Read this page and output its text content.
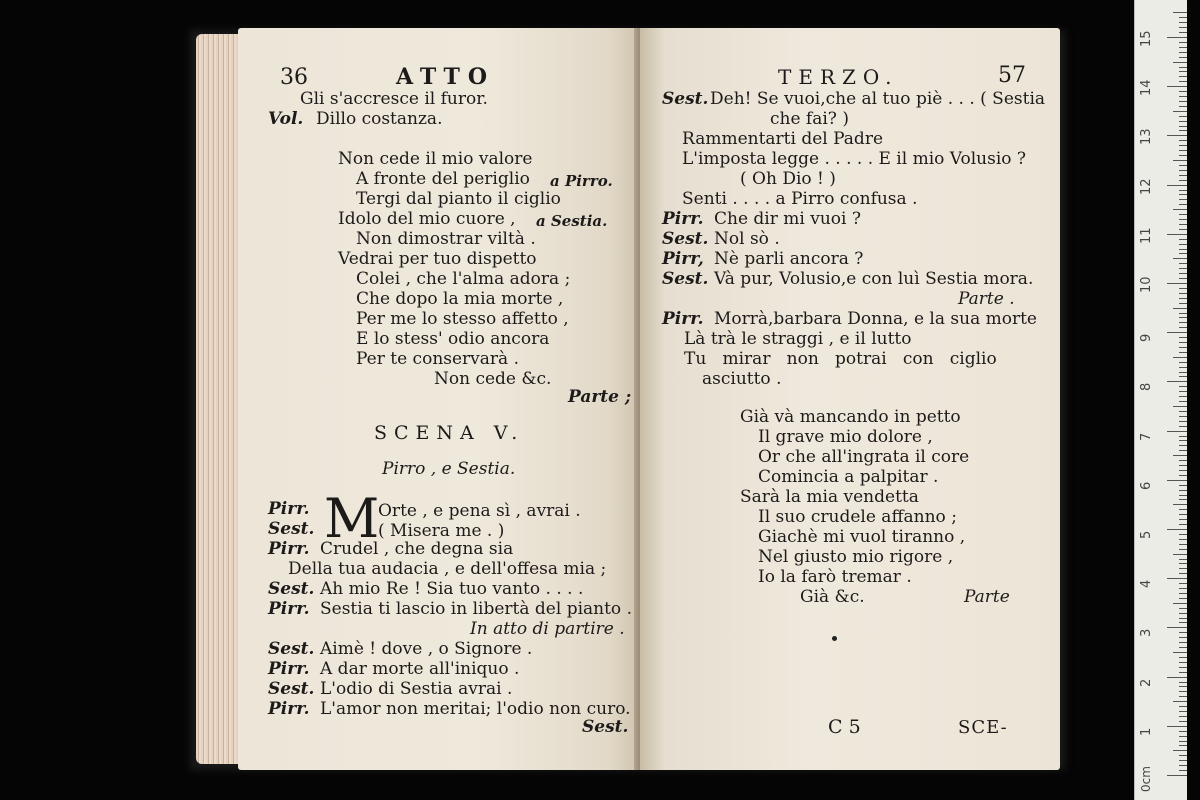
36	ATTO
Gli s'accresce il furor.
Vol. Dillo costanza.
Non cede il mio valore
A fronte del periglio a Pirro.
Tergi dal pianto il ciglio
Idolo del mio cuore , a Sestia.
Non dimostrar viltà .
Vedrai per tuo dispetto
Colei , che l'alma adora ;
Che dopo la mia morte ,
Per me lo stesso affetto ,
E lo stess' odio ancora
Per te conservarà .
Non cede &c.
Parte ;
SCENA V.
Pirro , e Sestia.
Pirr.
Sest. M
Orte , e pena sì , avrai .
( Misera me . )
Pirr. Crudel , che degna sia
Della tua audacia , e dell'offesa mia ;
Sest. Ah mio Re ! Sia tuo vanto . . . .
Pirr. Sestia ti lascio in libertà del pianto .
In atto di partire .
Sest. Aimè ! dove , o Signore .
Pirr. A dar morte all'iniquo .
Sest. L'odio di Sestia avrai .
Pirr. L'amor non meritai; l'odio non curo.
Sest.
TERZO.	57
Sest. Deh! Se vuoi,che al tuo piè . . . ( Sestia
che fai? )
Rammentarti del Padre
L'imposta legge . . . . . E il mio Volusio ?
( Oh Dio ! )
Senti . . . . a Pirro confusa .
Pirr. Che dir mi vuoi ?
Sest. Nol sò .
Pirr, Nè parli ancora ?
Sest. Và pur, Volusio,e con luì Sestia mora.
Parte .
Pirr. Morrà,barbara Donna, e la sua morte
Là trà le straggi , e il lutto
Tu   mirar   non   potrai   con   ciglio
asciutto .
Già và mancando in petto
Il grave mio dolore ,
Or che all'ingrata il core
Comincia a palpitar .
Sarà la mia vendetta
Il suo crudele affanno ;
Giachè mi vuol tiranno ,
Nel giusto mio rigore ,
Io la farò tremar .
Già &c.	Parte
C 5	SCE-
0cm
1
2
3
4
5
6
7
8
9
10
11
12
13
14
15
